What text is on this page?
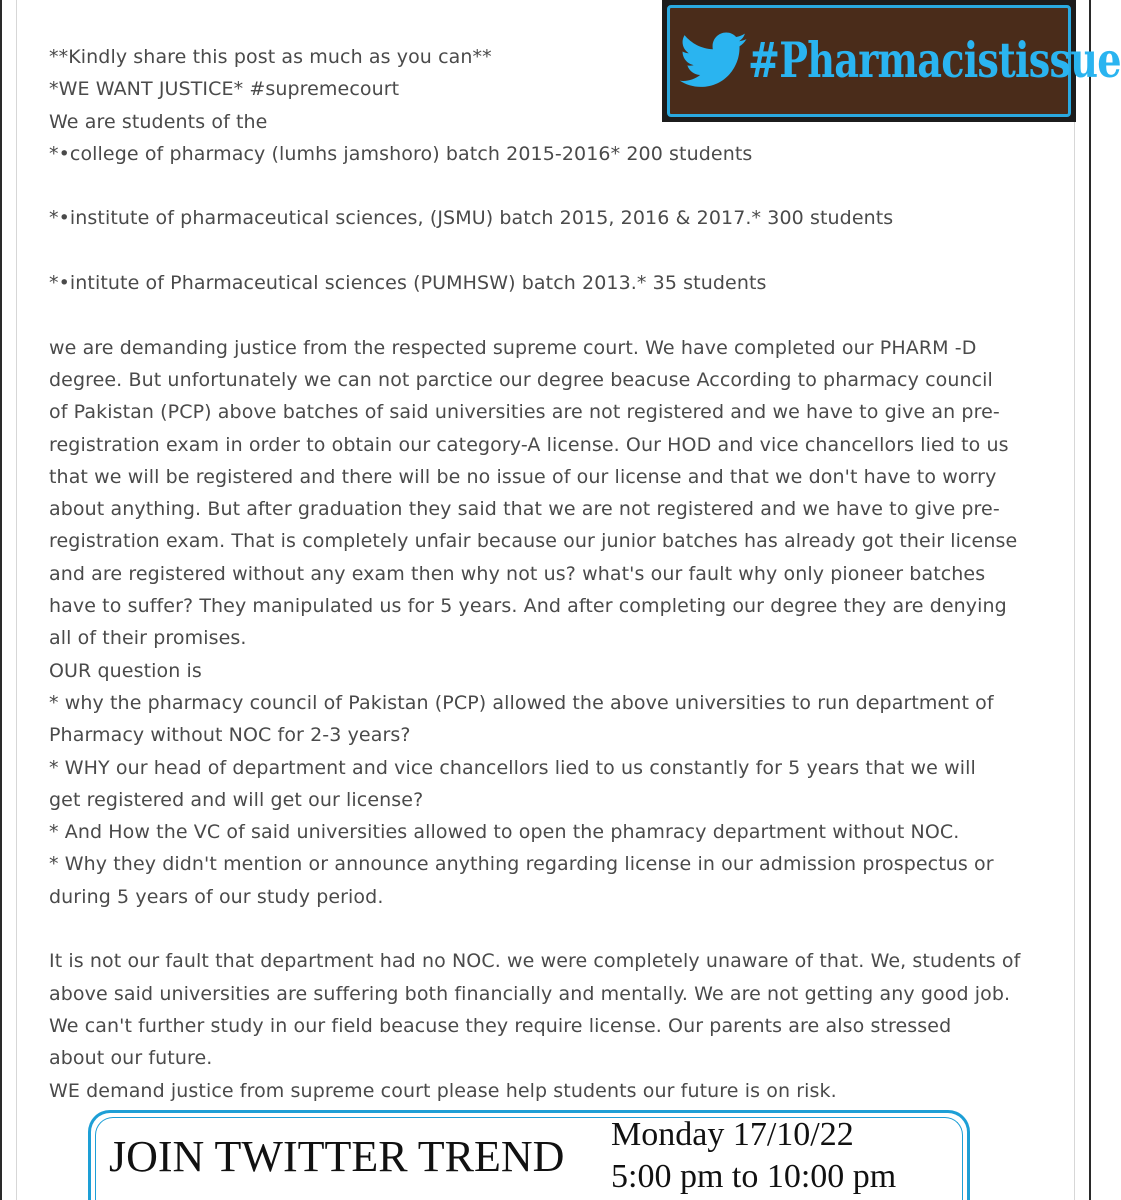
**Kindly share this post as much as you can**
*WE WANT JUSTICE* #supremecourt
We are students of the
*•college of pharmacy (lumhs jamshoro) batch 2015-2016* 200 students
*•institute of pharmaceutical sciences, (JSMU) batch 2015, 2016 & 2017.* 300 students
*•intitute of Pharmaceutical sciences (PUMHSW) batch 2013.* 35 students
we are demanding justice from the respected supreme court. We have completed our PHARM -D
degree. But unfortunately we can not parctice our degree beacuse According to pharmacy council
of Pakistan (PCP) above batches of said universities are not registered and we have to give an pre-
registration exam in order to obtain our category-A license. Our HOD and vice chancellors lied to us
that we will be registered and there will be no issue of our license and that we don't have to worry
about anything. But after graduation they said that we are not registered and we have to give pre-
registration exam. That is completely unfair because our junior batches has already got their license
and are registered without any exam then why not us? what's our fault why only pioneer batches
have to suffer? They manipulated us for 5 years. And after completing our degree they are denying
all of their promises.
OUR question is
* why the pharmacy council of Pakistan (PCP) allowed the above universities to run department of
Pharmacy without NOC for 2-3 years?
* WHY our head of department and vice chancellors lied to us constantly for 5 years that we will
get registered and will get our license?
* And How the VC of said universities allowed to open the phamracy department without NOC.
* Why they didn't mention or announce anything regarding license in our admission prospectus or
during 5 years of our study period.
It is not our fault that department had no NOC. we were completely unaware of that. We, students of
above said universities are suffering both financially and mentally. We are not getting any good job.
We can't further study in our field beacuse they require license. Our parents are also stressed
about our future.
WE demand justice from supreme court please help students our future is on risk.
#Pharmacistissue
JOIN TWITTER TREND Monday 17/10/22
5:00 pm to 10:00 pm
